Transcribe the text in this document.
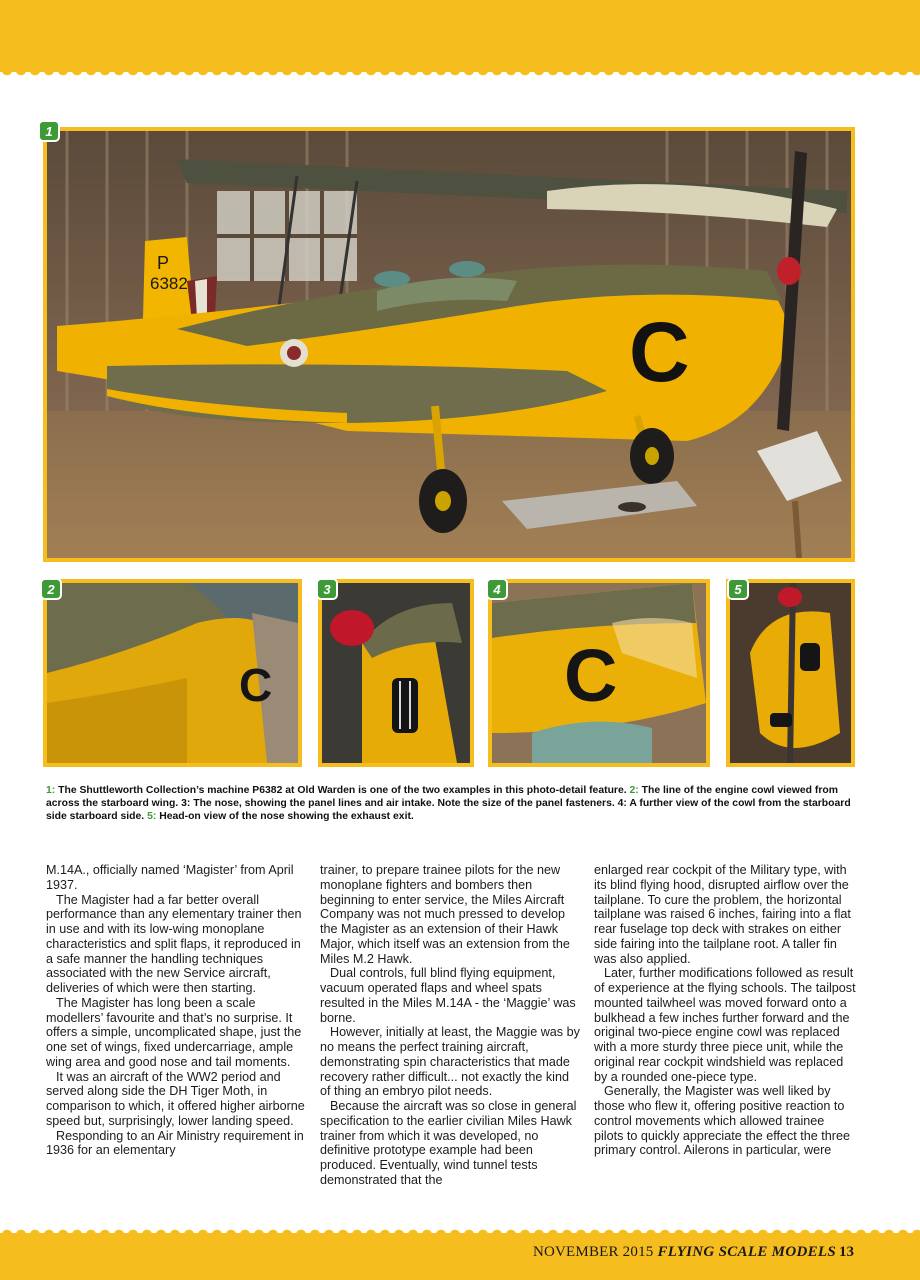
P
6382
C
1
C
2	3
C
4	5
1: The Shuttleworth Collection’s machine P6382 at Old Warden is one of the two examples in this photo-detail feature. 2: The line of the engine cowl viewed from across the starboard wing. 3: The nose, showing the panel lines and air intake. Note the size of the panel fasteners. 4: A further view of the cowl from the starboard side starboard side. 5: Head-on view of the nose showing the exhaust exit.

M.14A., officially named ‘Magister’ from April 1937.

The Magister had a far better overall performance than any elementary trainer then in use and with its low-wing monoplane characteristics and split flaps, it reproduced in a safe manner the handling techniques associated with the new Service aircraft, deliveries of which were then starting.

The Magister has long been a scale modellers’ favourite and that’s no surprise. It offers a simple, uncomplicated shape, just the one set of wings, fixed undercarriage, ample wing area and good nose and tail moments.

It was an aircraft of the WW2 period and served along side the DH Tiger Moth, in comparison to which, it offered higher airborne speed but, surprisingly, lower landing speed.

Responding to an Air Ministry requirement in 1936 for an elementary

trainer, to prepare trainee pilots for the new monoplane fighters and bombers then beginning to enter service, the Miles Aircraft Company was not much pressed to develop the Magister as an extension of their Hawk Major, which itself was an extension from the Miles M.2 Hawk.

Dual controls, full blind flying equipment, vacuum operated flaps and wheel spats resulted in the Miles M.14A - the ‘Maggie’ was borne.

However, initially at least, the Maggie was by no means the perfect training aircraft, demonstrating spin characteristics that made recovery rather difficult... not exactly the kind of thing an embryo pilot needs.

Because the aircraft was so close in general specification to the earlier civilian Miles Hawk trainer from which it was developed, no definitive prototype example had been produced. Eventually, wind tunnel tests demonstrated that the

enlarged rear cockpit of the Military type, with its blind flying hood, disrupted airflow over the tailplane. To cure the problem, the horizontal tailplane was raised 6 inches, fairing into a flat rear fuselage top deck with strakes on either side fairing into the tailplane root. A taller fin was also applied.

Later, further modifications followed as result of experience at the flying schools. The tailpost mounted tailwheel was moved forward onto a bulkhead a few inches further forward and the original two-piece engine cowl was replaced with a more sturdy three piece unit, while the original rear cockpit windshield was replaced by a rounded one-piece type.

Generally, the Magister was well liked by those who flew it, offering positive reaction to control movements which allowed trainee pilots to quickly appreciate the effect the three primary control. Ailerons in particular, were

NOVEMBER 2015 FLYING SCALE MODELS 13
